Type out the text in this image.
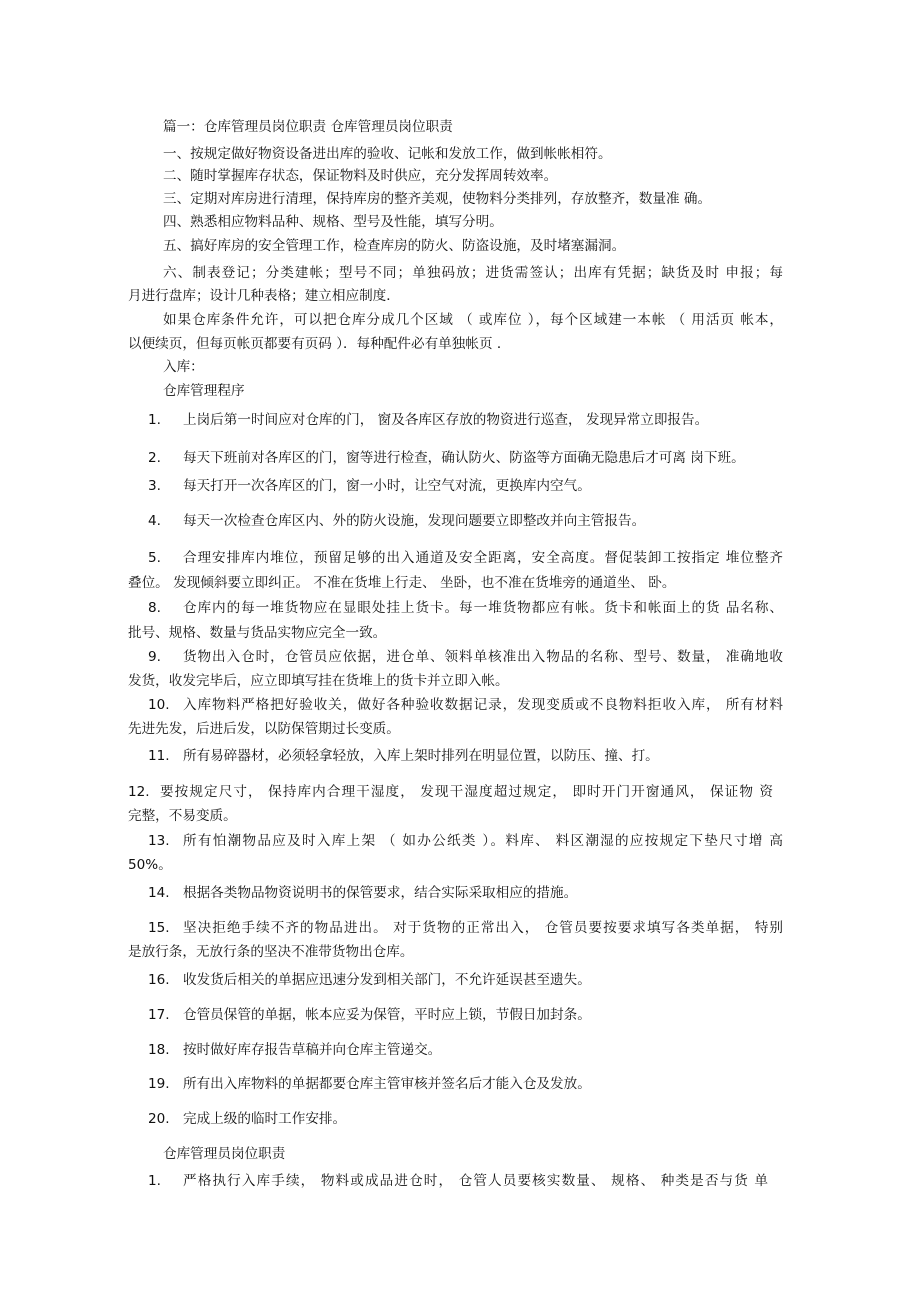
篇一：仓库管理员岗位职责 仓库管理员岗位职责
一、按规定做好物资设备进出库的验收、记帐和发放工作，做到帐帐相符。
二、随时掌握库存状态，保证物料及时供应，充分发挥周转效率。
三、定期对库房进行清理，保持库房的整齐美观，使物料分类排列，存放整齐，数量准 确。
四、熟悉相应物料品种、规格、型号及性能，填写分明。
五、搞好库房的安全管理工作，检查库房的防火、防盗设施，及时堵塞漏洞。
六、制表登记；分类建帐；型号不同；单独码放；进货需签认；出库有凭据；缺货及时 申报；每
月进行盘库；设计几种表格；建立相应制度．
如果仓库条件允许，可以把仓库分成几个区域 （ 或库位 ），每个区域建一本帐 （ 用活页 帐本，
以便续页，但每页帐页都要有页码 ）．每种配件必有单独帐页 ．
入库：
仓库管理程序
1. 上岗后第一时间应对仓库的门， 窗及各库区存放的物资进行巡查， 发现异常立即报告。
2. 每天下班前对各库区的门，窗等进行检查，确认防火、防盗等方面确无隐患后才可离 岗下班。
3. 每天打开一次各库区的门，窗一小时，让空气对流，更换库内空气。
4. 每天一次检查仓库区内、外的防火设施，发现问题要立即整改并向主管报告。
5. 合理安排库内堆位，预留足够的出入通道及安全距离，安全高度。督促装卸工按指定 堆位整齐
叠位。 发现倾斜要立即纠正。 不准在货堆上行走、 坐卧，也不准在货堆旁的通道坐、 卧。
8. 仓库内的每一堆货物应在显眼处挂上货卡。每一堆货物都应有帐。货卡和帐面上的货 品名称、
批号、规格、数量与货品实物应完全一致。
9. 货物出入仓时，仓管员应依据，进仓单、领料单核准出入物品的名称、型号、数量， 准确地收
发货，收发完毕后，应立即填写挂在货堆上的货卡并立即入帐。
10. 入库物料严格把好验收关，做好各种验收数据记录，发现变质或不良物料拒收入库， 所有材料
先进先发，后进后发，以防保管期过长变质。
11. 所有易碎器材，必须轻拿轻放，入库上架时排列在明显位置，以防压、撞、打。
12. 要按规定尺寸， 保持库内合理干湿度， 发现干湿度超过规定， 即时开门开窗通风， 保证物 资
完整，不易变质。
13. 所有怕潮物品应及时入库上架 （ 如办公纸类 ）。料库、 料区潮湿的应按规定下垫尺寸增 高
50%。
14. 根据各类物品物资说明书的保管要求，结合实际采取相应的措施。
15. 坚决拒绝手续不齐的物品进出。 对于货物的正常出入， 仓管员要按要求填写各类单据， 特别
是放行条，无放行条的坚决不准带货物出仓库。
16. 收发货后相关的单据应迅速分发到相关部门，不允许延误甚至遗失。
17. 仓管员保管的单据，帐本应妥为保管，平时应上锁，节假日加封条。
18. 按时做好库存报告草稿并向仓库主管递交。
19. 所有出入库物料的单据都要仓库主管审核并签名后才能入仓及发放。
20. 完成上级的临时工作安排。
仓库管理员岗位职责
1. 严格执行入库手续， 物料或成品进仓时， 仓管人员要核实数量、 规格、 种类是否与货 单
